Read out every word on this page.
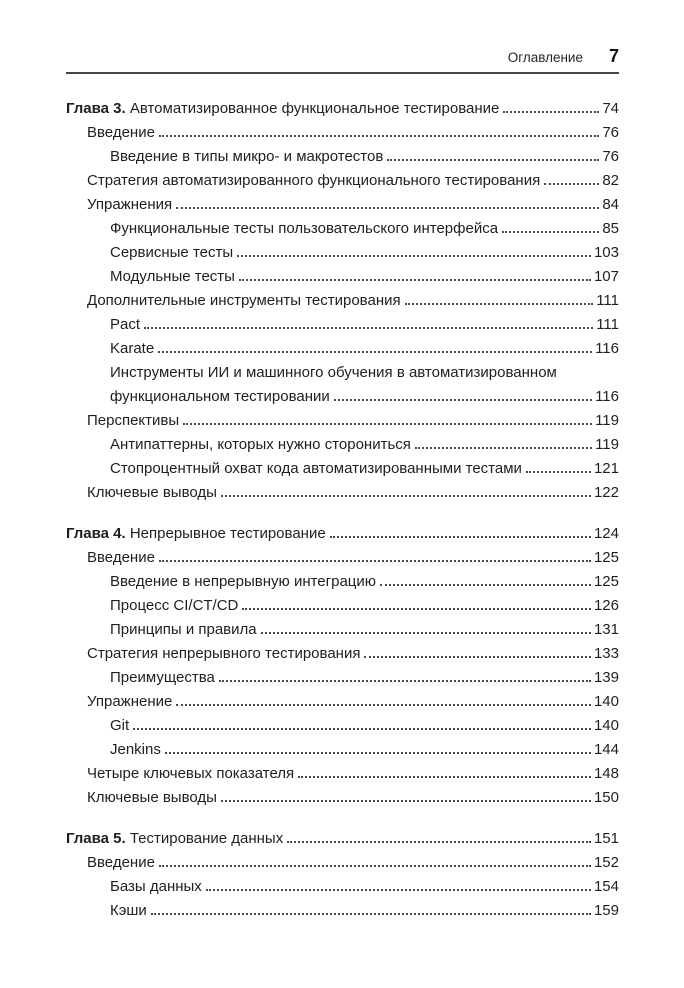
Оглавление 7
Глава 3. Автоматизированное функциональное тестирование	74
Введение	76
Введение в типы микро- и макротестов	76
Стратегия автоматизированного функционального тестирования	82
Упражнения	84
Функциональные тесты пользовательского интерфейса	85
Сервисные тесты	103
Модульные тесты	107
Дополнительные инструменты тестирования	111
Pact	111
Karate	116
Инструменты ИИ и машинного обучения в автоматизированном
функциональном тестировании	116
Перспективы	119
Антипаттерны, которых нужно сторониться	119
Стопроцентный охват кода автоматизированными тестами	121
Ключевые выводы	122
Глава 4. Непрерывное тестирование	124
Введение	125
Введение в непрерывную интеграцию	125
Процесс CI/CT/CD	126
Принципы и правила	131
Стратегия непрерывного тестирования	133
Преимущества	139
Упражнение	140
Git	140
Jenkins	144
Четыре ключевых показателя	148
Ключевые выводы	150
Глава 5. Тестирование данных	151
Введение	152
Базы данных	154
Кэши	159
